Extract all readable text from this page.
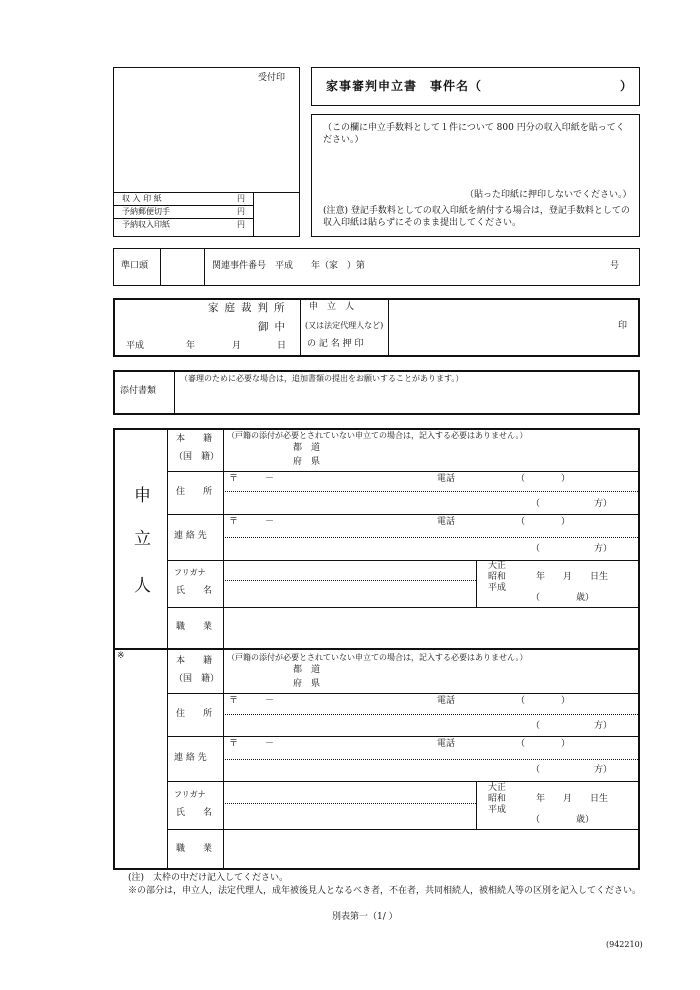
受付印
収 入 印 紙	円
予納郵便切手	円
予納収入印紙	円
家事審判申立書　事件名（	）
（この欄に申立手数料として１件について 800 円分の収入印紙を貼ってください。）
（貼った印紙に押印しないでください。）
(注意) 登記手数料としての収入印紙を納付する場合は，登記手数料としての収入印紙は貼らずにそのまま提出してください。
準口頭	関連事件番号　平成　　年（家　）第	号
家庭裁判所
御中
平成	年	月	日
申　立　人
(又は法定代理人など)
の 記 名 押 印
印
添付書類
（審理のために必要な場合は，追加書類の提出をお願いすることがあります。）
申
立
人
※
本　　籍
（国　籍）
（戸籍の添付が必要とされていない申立ての場合は，記入する必要はありません。）
都　道
府　県
住　　所
〒　　　－	電話	（　　　　）
（　　　　　　方）
連 絡 先
〒　　　－	電話	（　　　　）
（　　　　　　方）
フリガナ
氏　　名
大正
昭和
平成
年　　月　　日生
（　　　　歳）
職　　業
本　　籍
（国　籍）
（戸籍の添付が必要とされていない申立ての場合は，記入する必要はありません。）
都　道
府　県
住　　所
〒　　　－	電話	（　　　　）
（　　　　　　方）
連 絡 先
〒　　　－	電話	（　　　　）
（　　　　　　方）
フリガナ
氏　　名
大正
昭和
平成
年　　月　　日生
（　　　　歳）
職　　業
(注)　太枠の中だけ記入してください。
※の部分は，申立人，法定代理人，成年被後見人となるべき者，不在者，共同相続人，被相続人等の区別を記入してください。
別表第一（1/ ）
(942210)
